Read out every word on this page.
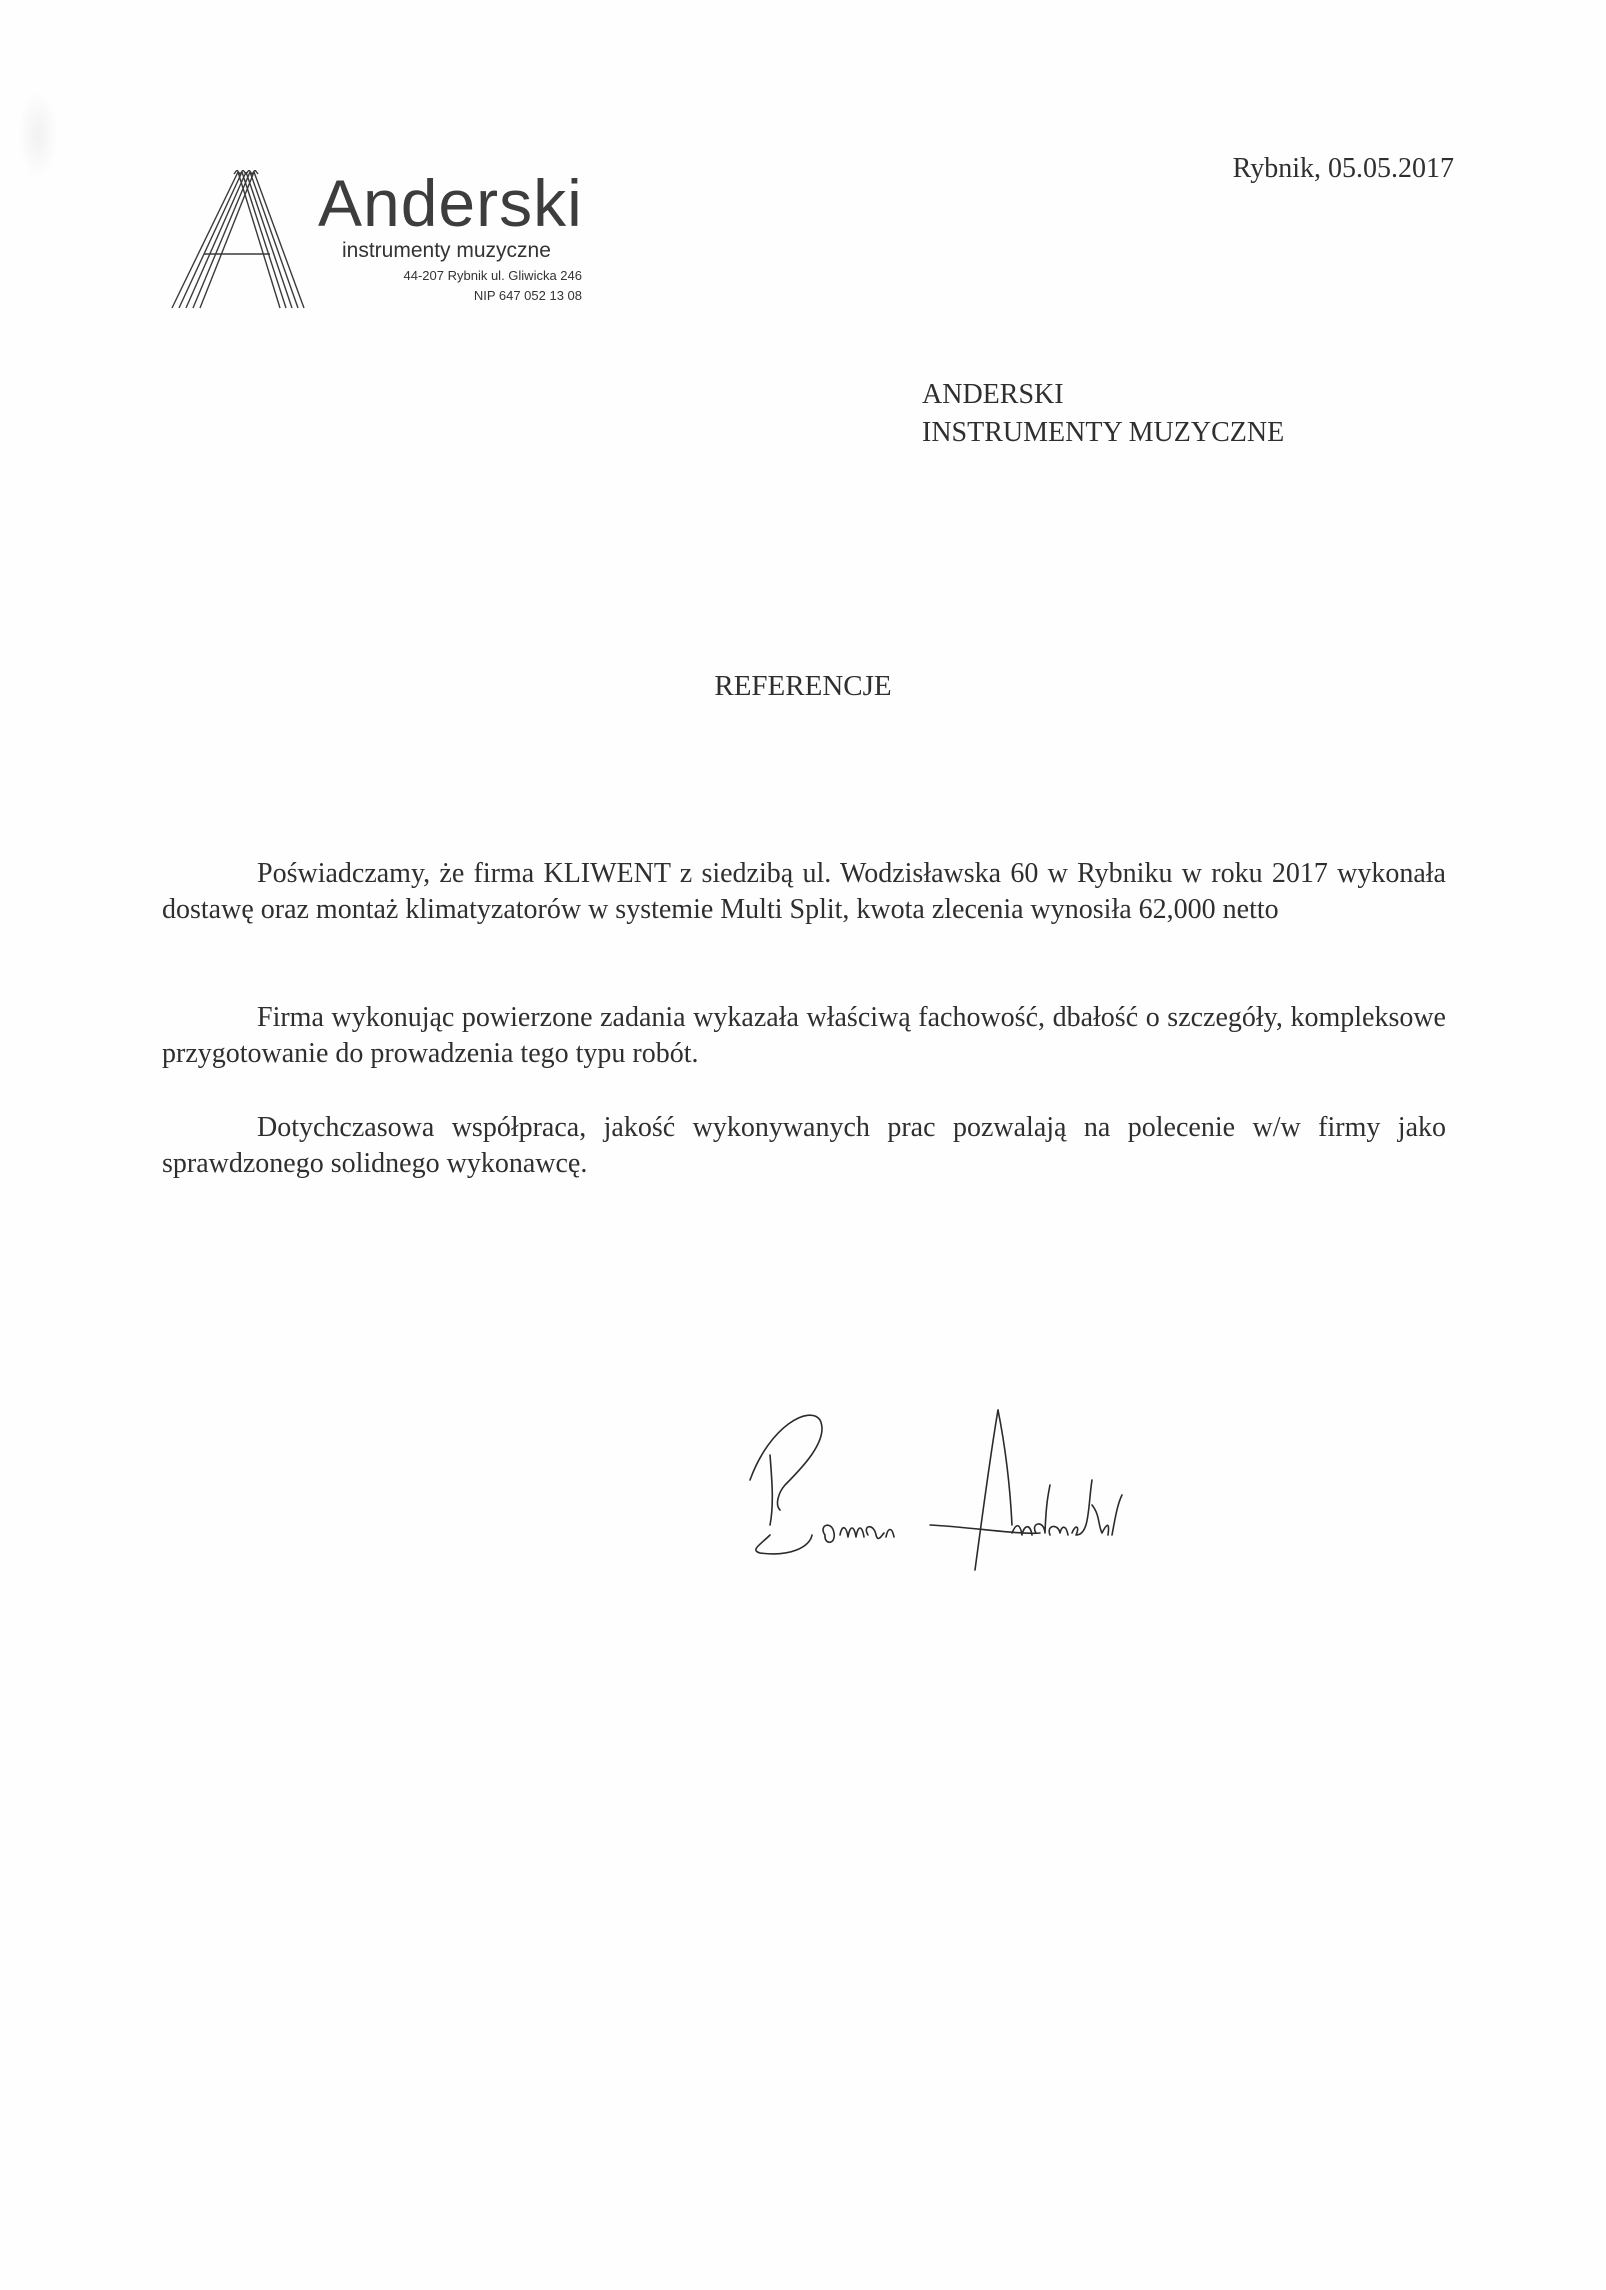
Anderski
instrumenty muzyczne
44-207 Rybnik ul. Gliwicka 246
NIP 647 052 13 08
Rybnik, 05.05.2017
ANDERSKI
INSTRUMENTY MUZYCZNE
REFERENCJE

Poświadczamy, że firma KLIWENT z siedzibą ul. Wodzisławska 60 w Rybniku w roku 2017 wykonała dostawę oraz montaż klimatyzatorów w systemie Multi Split, kwota zlecenia wynosiła 62,000 netto

Firma wykonując powierzone zadania wykazała właściwą fachowość, dbałość o szczegóły, kompleksowe przygotowanie do prowadzenia tego typu robót.

Dotychczasowa współpraca, jakość wykonywanych prac pozwalają na polecenie w/w firmy jako sprawdzonego solidnego wykonawcę.
